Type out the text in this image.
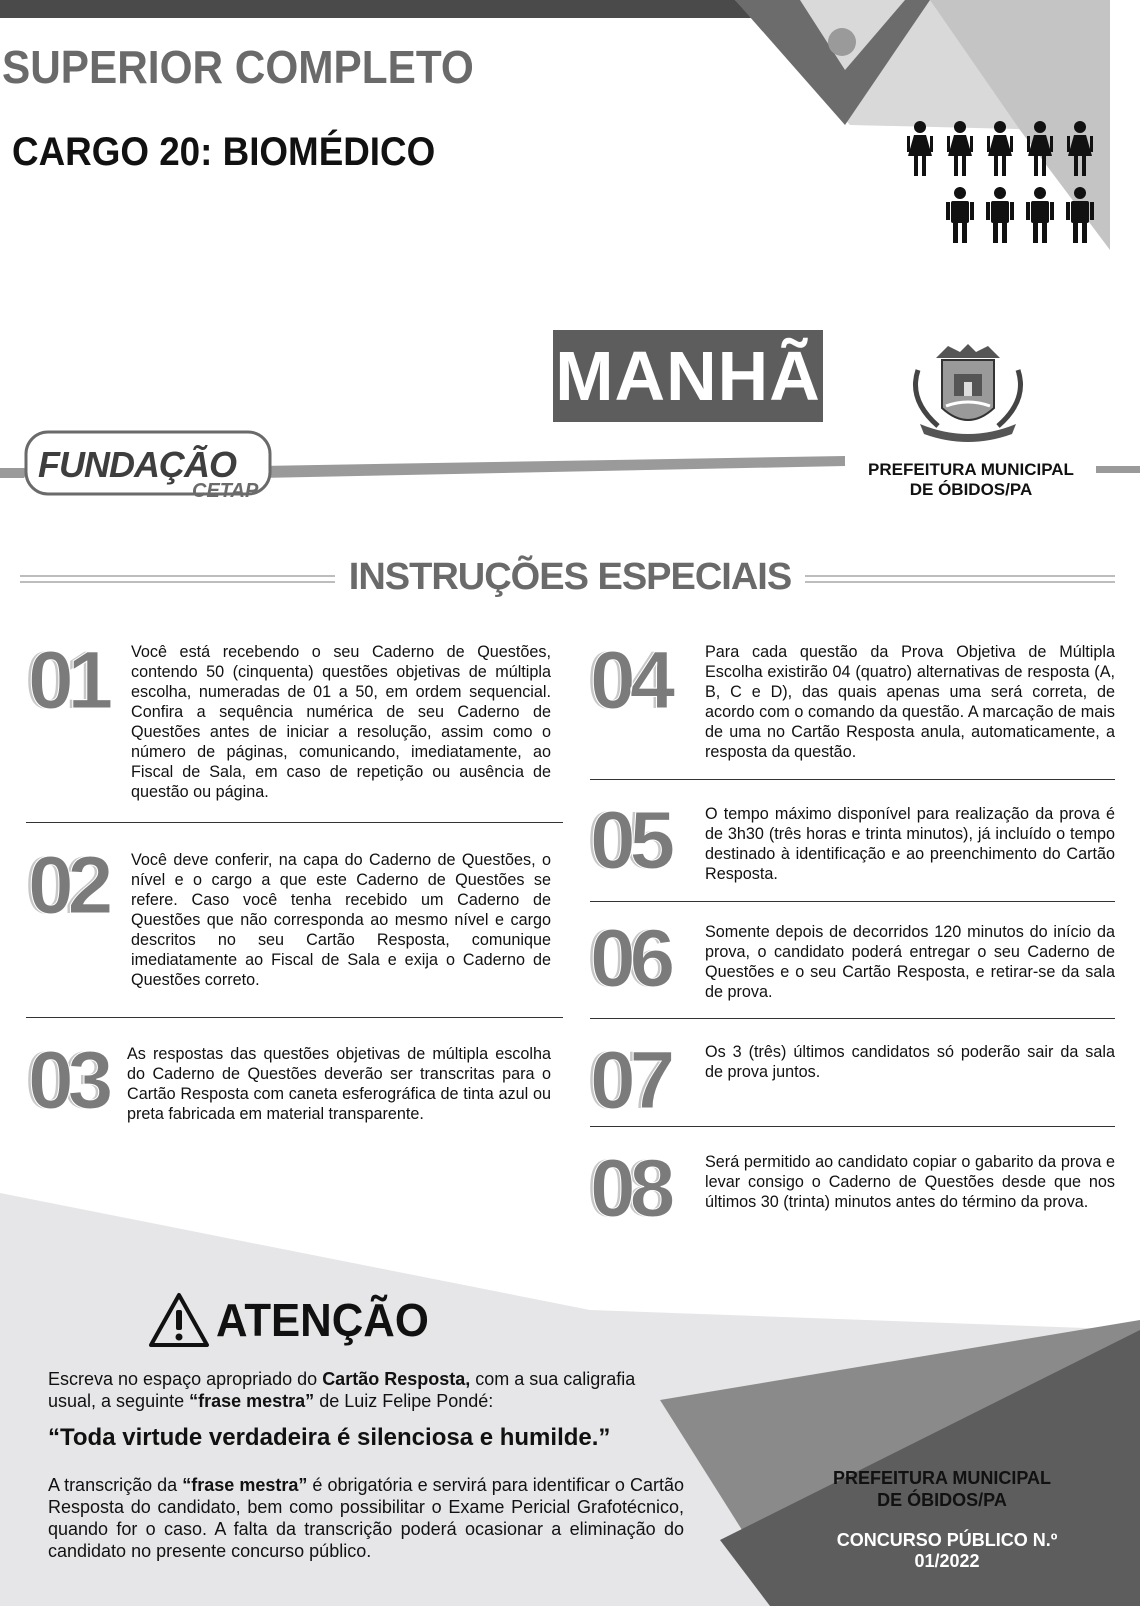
SUPERIOR COMPLETO
CARGO 20: BIOMÉDICO
MANHÃ
PREFEITURA MUNICIPAL
DE ÓBIDOS/PA
FUNDAÇÃO
CETAP
INSTRUÇÕES ESPECIAIS
01 Você está recebendo o seu Caderno de Questões, contendo 50 (cinquenta) questões objetivas de múltipla escolha, numeradas de 01 a 50, em ordem sequencial. Confira a sequência numérica de seu Caderno de Questões antes de iniciar a resolução, assim como o número de páginas, comunicando, imediatamente, ao Fiscal de Sala, em caso de repetição ou ausência de questão ou página.
02 Você deve conferir, na capa do Caderno de Questões, o nível e o cargo a que este Caderno de Questões se refere. Caso você tenha recebido um Caderno de Questões que não corresponda ao mesmo nível e cargo descritos no seu Cartão Resposta, comunique imediatamente ao Fiscal de Sala e exija o Caderno de Questões correto.
03 As respostas das questões objetivas de múltipla escolha do Caderno de Questões deverão ser transcritas para o Cartão Resposta com caneta esferográfica de tinta azul ou preta fabricada em material transparente.
04 Para cada questão da Prova Objetiva de Múltipla Escolha existirão 04 (quatro) alternativas de resposta (A, B, C e D), das quais apenas uma será correta, de acordo com o comando da questão. A marcação de mais de uma no Cartão Resposta anula, automaticamente, a resposta da questão.
05 O tempo máximo disponível para realização da prova é de 3h30 (três horas e trinta minutos), já incluído o tempo destinado à identificação e ao preenchimento do Cartão Resposta.
06 Somente depois de decorridos 120 minutos do início da prova, o candidato poderá entregar o seu Caderno de Questões e o seu Cartão Resposta, e retirar-se da sala de prova.
07 Os 3 (três) últimos candidatos só poderão sair da sala de prova juntos.
08 Será permitido ao candidato copiar o gabarito da prova e levar consigo o Caderno de Questões desde que nos últimos 30 (trinta) minutos antes do término da prova.
ATENÇÃO
Escreva no espaço apropriado do Cartão Resposta, com a sua caligrafia usual, a seguinte “frase mestra” de Luiz Felipe Pondé:
“Toda virtude verdadeira é silenciosa e humilde.”
A transcrição da “frase mestra” é obrigatória e servirá para identificar o Cartão Resposta do candidato, bem como possibilitar o Exame Pericial Grafotécnico, quando for o caso. A falta da transcrição poderá ocasionar a eliminação do candidato no presente concurso público.
PREFEITURA MUNICIPAL
DE ÓBIDOS/PA
CONCURSO PÚBLICO N.º 01/2022
